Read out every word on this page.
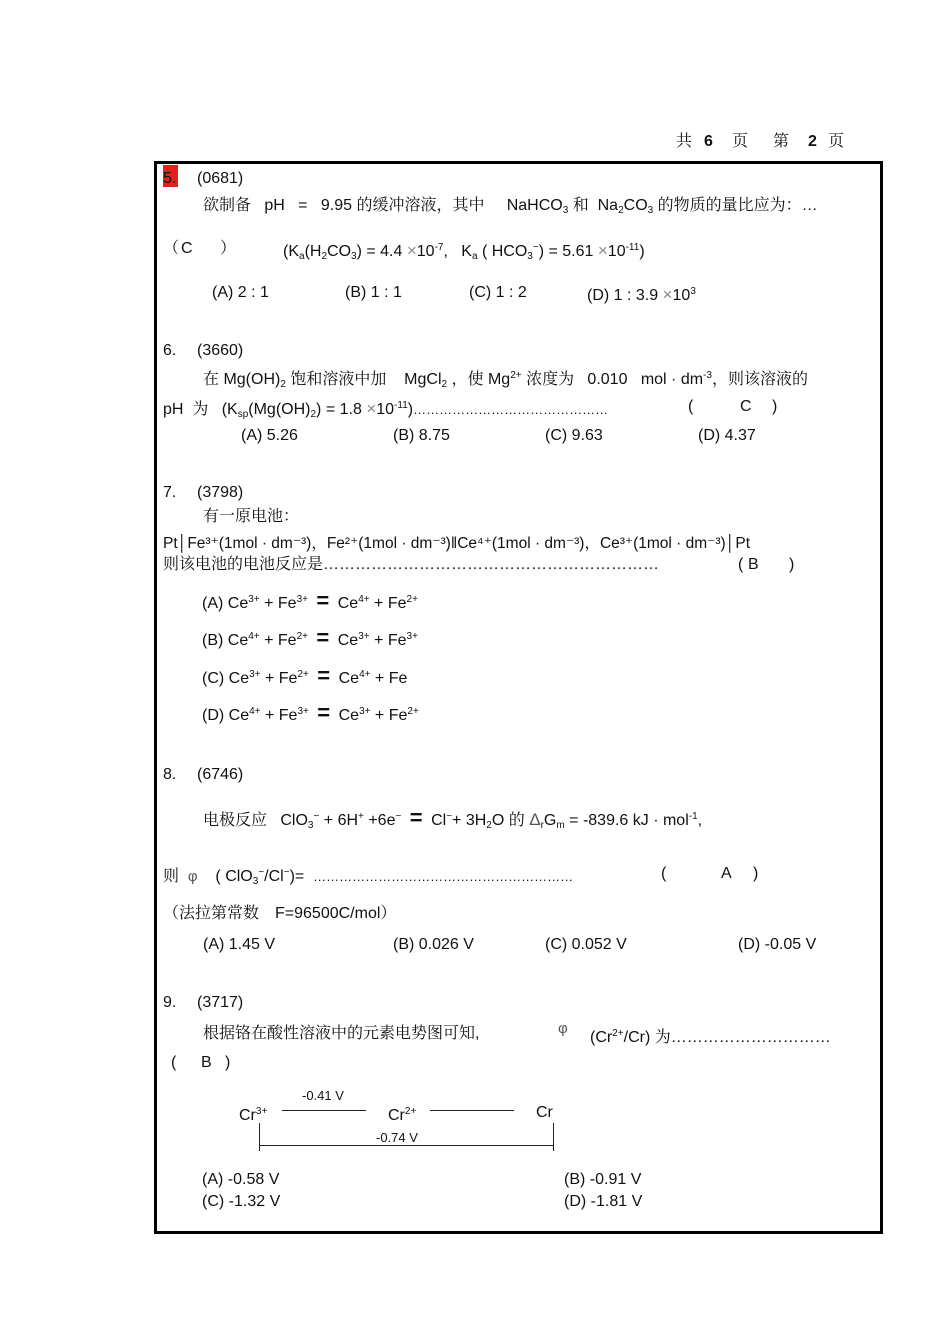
共 6 页 第 2 页
5. (0681)
欲制备 pH = 9.95 的缓冲溶液，其中 NaHCO$_3$ 和 $Na_2CO_3$ 的物质的量比应为：…
（ C ）	($K_a(H_2CO_3) = 4.4 \times 10^{-7}$, $K_a$ ( $HCO_3^-) = 5.61 \times 10^{-11}$)
(A) 2 : 1	(B) 1 : 1	(C) 1 : 2	(D) 1 : $3.9 \times 10^3$
6. (3660)
在 $Mg(OH)_2$ 饱和溶液中加 MgCl$_2$ ，使 $Mg^{2+}$ 浓度为 0.010 mol · $dm^{-3}$，则该溶液的
pH 为 ($K_{sp}(Mg(OH)_2) = 1.8$ $\times 10^{-11})\dots\dots\dots\dots\dots\dots\dots\dots\dots\dots\dots\dots\dots\dots\dots$	(	C )
(A) 5.26	(B) 8.75	(C) 9.63	(D) 4.37
7. (3798)
有一原电池：
Pt│Fe³⁺(1mol · dm⁻³)，Fe²⁺(1mol · dm⁻³)‖Ce⁴⁺(1mol · dm⁻³)，Ce³⁺(1mol · dm⁻³)│Pt
则该电池的电池反应是………………………………………………………	( B )
(A) $Ce^{3+} + Fe^{3+} = Ce^{4+} + Fe^{2+}$
(B) $Ce^{4+} + Fe^{2+} = Ce^{3+} + Fe^{3+}$
(C) $Ce^{3+} + Fe^{2+} = Ce^{4+} + Fe$
(D) $Ce^{4+} + Fe^{3+} = Ce^{3+} + Fe^{2+}$
8. (6746)
电极反应 $ClO_3^- + 6H^+ +6e^- = Cl^-+ 3H_2O$ 的 $\Delta_rG_m = -839.6$ kJ · mol$^{-1}$,
则 φ ( ClO$_3$−/Cl−)= ……………………………………………………	(	A )
（法拉第常数　F=96500C/mol）
(A) 1.45 V	(B) 0.026 V	(C) 0.052 V	(D) -0.05 V
9. (3717)
根据铬在酸性溶液中的元素电势图可知,	φ
$(Cr^{2+}/Cr)$ 为…………………………
( B )
$Cr^{3+}$
-0.41 V
$Cr^{2+}$	Cr
-0.74 V
(A) -0.58 V	(B) -0.91 V
(C) -1.32 V	(D) -1.81 V
